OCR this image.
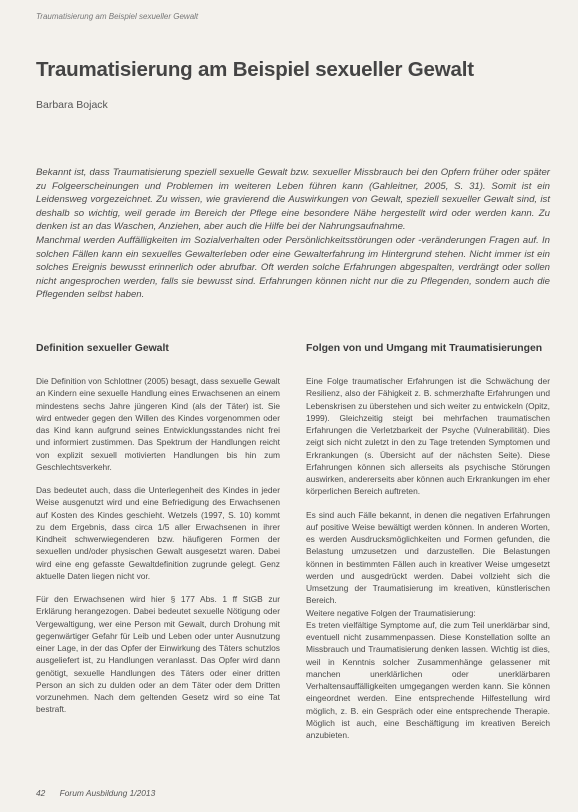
Traumatisierung am Beispiel sexueller Gewalt
Traumatisierung am Beispiel sexueller Gewalt
Barbara Bojack

Bekannt ist, dass Traumatisierung speziell sexuelle Gewalt bzw. sexueller Missbrauch bei den Opfern früher oder später zu Folgeerscheinungen und Problemen im weiteren Leben führen kann (Gahleitner, 2005, S. 31). Somit ist ein Leidensweg vorgezeichnet. Zu wissen, wie gravierend die Auswirkungen von Gewalt, speziell sexueller Gewalt sind, ist deshalb so wichtig, weil gerade im Bereich der Pflege eine besondere Nähe hergestellt wird oder werden kann. Zu denken ist an das Waschen, Anziehen, aber auch die Hilfe bei der Nahrungsaufnahme.

Manchmal werden Auffälligkeiten im Sozialverhalten oder Persönlichkeitsstörungen oder -veränderungen Fragen auf. In solchen Fällen kann ein sexuelles Gewalterleben oder eine Gewalterfahrung im Hintergrund stehen. Nicht immer ist ein solches Ereignis bewusst erinnerlich oder abrufbar. Oft werden solche Erfahrungen abgespalten, verdrängt oder sollen nicht angesprochen werden, falls sie bewusst sind. Erfahrungen können nicht nur die zu Pflegenden, sondern auch die Pflegenden selbst haben.

Definition sexueller Gewalt

Die Definition von Schlottner (2005) besagt, dass sexuelle Gewalt an Kindern eine sexuelle Handlung eines Erwachsenen an einem mindestens sechs Jahre jüngeren Kind (als der Täter) ist. Sie wird entweder gegen den Willen des Kindes vorgenommen oder das Kind kann aufgrund seines Entwicklungsstandes nicht frei und informiert zustimmen. Das Spektrum der Handlungen reicht von explizit sexuell motivierten Handlungen bis hin zum Geschlechtsverkehr.

Das bedeutet auch, dass die Unterlegenheit des Kindes in jeder Weise ausgenutzt wird und eine Befriedigung des Erwachsenen auf Kosten des Kindes geschieht. Wetzels (1997, S. 10) kommt zu dem Ergebnis, dass circa 1/5 aller Erwachsenen in ihrer Kindheit schwerwiegenderen bzw. häufigeren Formen der sexuellen und/oder physischen Gewalt ausgesetzt waren. Dabei wird eine eng gefasste Gewaltdefinition zugrunde gelegt. Genz aktuelle Daten liegen nicht vor.

Für den Erwachsenen wird hier § 177 Abs. 1 ff StGB zur Erklärung herangezogen. Dabei bedeutet sexuelle Nötigung oder Vergewaltigung, wer eine Person mit Gewalt, durch Drohung mit gegenwärtiger Gefahr für Leib und Leben oder unter Ausnutzung einer Lage, in der das Opfer der Einwirkung des Täters schutzlos ausgeliefert ist, zu Handlungen veranlasst. Das Opfer wird dann genötigt, sexuelle Handlungen des Täters oder einer dritten Person an sich zu dulden oder an dem Täter oder dem Dritten vorzunehmen. Nach dem geltenden Gesetz wird so eine Tat bestraft.

Folgen von und Umgang mit Traumatisierungen

Eine Folge traumatischer Erfahrungen ist die Schwächung der Resilienz, also der Fähigkeit z. B. schmerzhafte Erfahrungen und Lebenskrisen zu überstehen und sich weiter zu entwickeln (Opitz, 1999). Gleichzeitig steigt bei mehrfachen traumatischen Erfahrungen die Verletzbarkeit der Psyche (Vulnerabilität). Dies zeigt sich nicht zuletzt in den zu Tage tretenden Symptomen und Erkrankungen (s. Übersicht auf der nächsten Seite). Diese Erfahrungen können sich allerseits als psychische Störungen auswirken, andererseits aber können auch Erkrankungen im eher körperlichen Bereich auftreten.

Es sind auch Fälle bekannt, in denen die negativen Erfahrungen auf positive Weise bewältigt werden können. In anderen Worten, es werden Ausdrucksmöglichkeiten und Formen gefunden, die Belastung umzusetzen und darzustellen. Die Belastungen können in bestimmten Fällen auch in kreativer Weise umgesetzt werden und ausgedrückt werden. Dabei vollzieht sich die Umsetzung der Traumatisierung im kreativen, künstlerischen Bereich.

Weitere negative Folgen der Traumatisierung:

Es treten vielfältige Symptome auf, die zum Teil unerklärbar sind, eventuell nicht zusammenpassen. Diese Konstellation sollte an Missbrauch und Traumatisierung denken lassen. Wichtig ist dies, weil in Kenntnis solcher Zusammenhänge gelassener mit manchen unerklärlichen oder unerklärbaren Verhaltensauffälligkeiten umgegangen werden kann. Sie können eingeordnet werden. Eine entsprechende Hilfestellung wird möglich, z. B. ein Gespräch oder eine entsprechende Therapie. Möglich ist auch, eine Beschäftigung im kreativen Bereich anzubieten.

42 Forum Ausbildung 1/2013
